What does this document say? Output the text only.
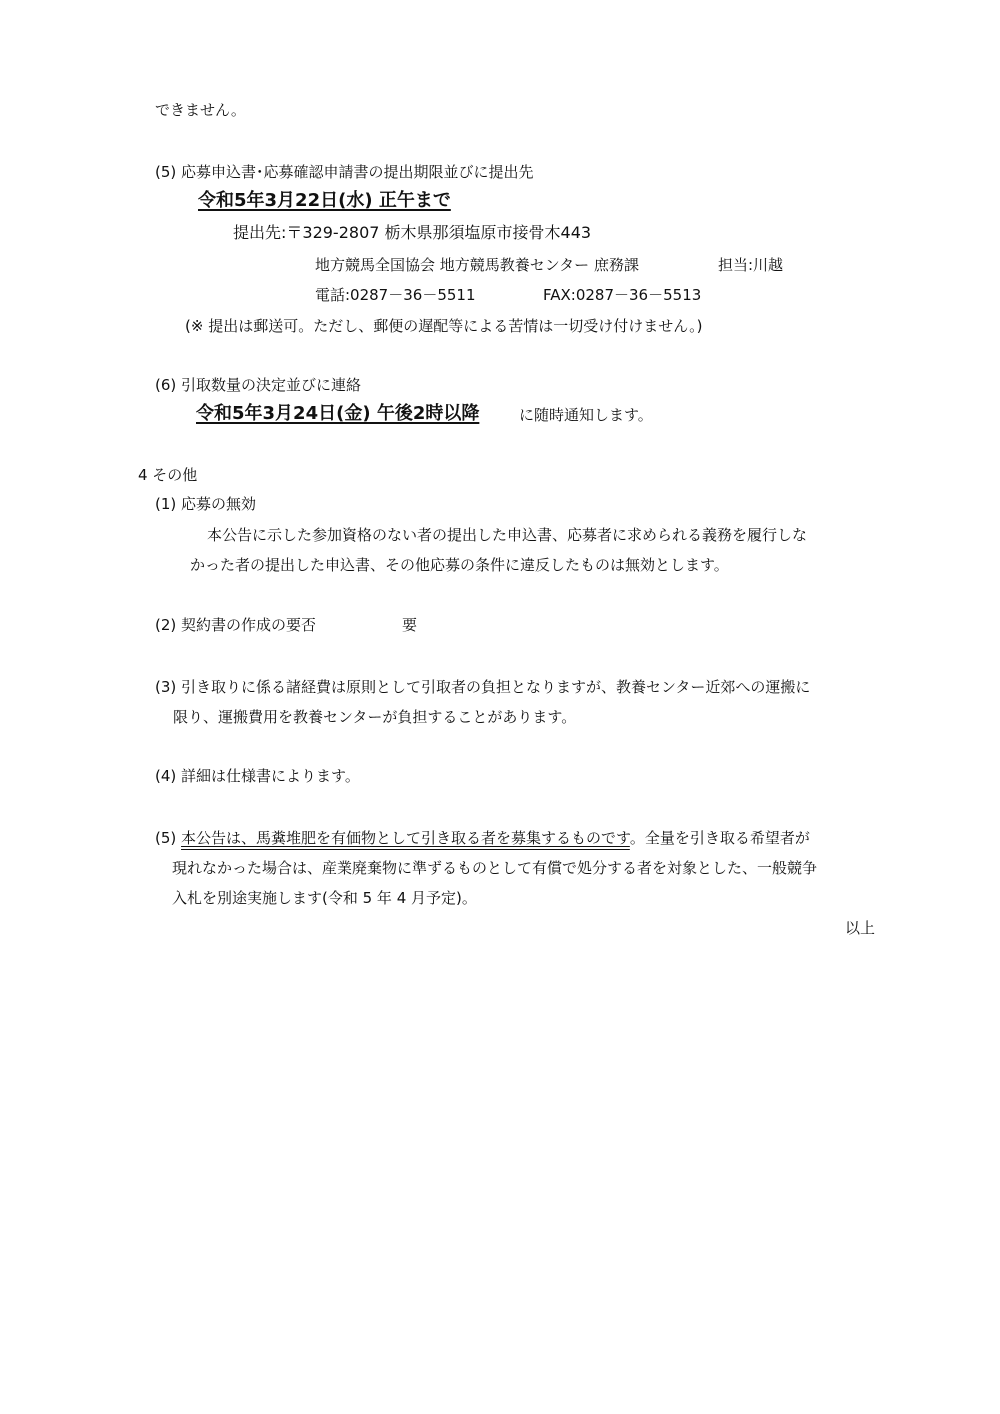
できません。
(5) 応募申込書･応募確認申請書の提出期限並びに提出先
令和5年3月22日(水) 正午まで
提出先:〒329-2807 栃木県那須塩原市接骨木443
地方競馬全国協会 地方競馬教養センター 庶務課	担当:川越
電話:0287－36－5511	FAX:0287－36－5513
(※ 提出は郵送可。ただし、郵便の遅配等による苦情は一切受け付けません。)
(6) 引取数量の決定並びに連絡
令和5年3月24日(金) 午後2時以降	に随時通知します。
4 その他
(1) 応募の無効
本公告に示した参加資格のない者の提出した申込書、応募者に求められる義務を履行しな
かった者の提出した申込書、その他応募の条件に違反したものは無効とします。
(2) 契約書の作成の要否	要
(3) 引き取りに係る諸経費は原則として引取者の負担となりますが、教養センター近郊への運搬に
限り、運搬費用を教養センターが負担することがあります。
(4) 詳細は仕様書によります。
(5) 本公告は、馬糞堆肥を有価物として引き取る者を募集するものです。全量を引き取る希望者が
現れなかった場合は、産業廃棄物に準ずるものとして有償で処分する者を対象とした、一般競争
入札を別途実施します(令和 5 年 4 月予定)。
以上
